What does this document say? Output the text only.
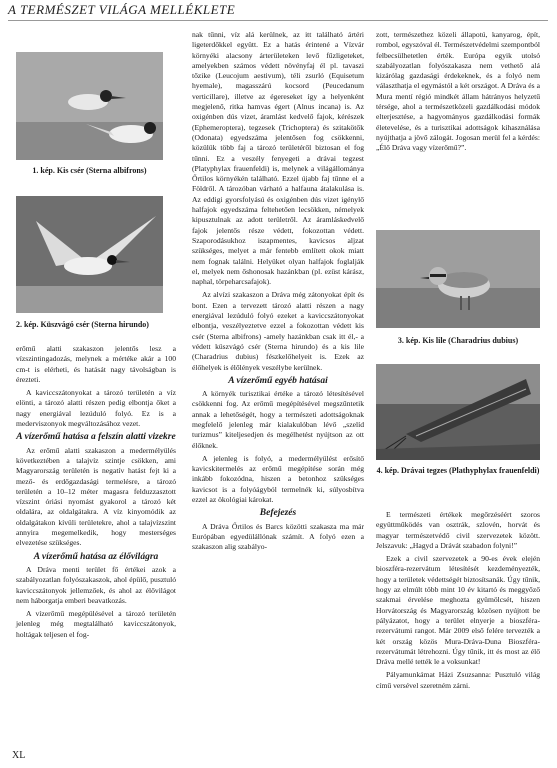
A TERMÉSZET VILÁGA MELLÉKLETE
1. kép. Kis csér (Sterna albifrons)
2. kép. Küszvágó csér (Sterna hirundo)
3. kép. Kis lile (Charadrius dubius)
4. kép. Drávai tegzes (Plathyphylax frauenfeldi)

erőmű alatti szakaszon jelentős lesz a vízszintingadozás, melynek a mértéke akár a 100 cm-t is elérheti, és hatását nagy távolságban is érezteti.

A kaviccszátonyokat a tározó területén a víz elönti, a tározó alatti részen pedig elbontja őket a nagy energiával lezúduló folyó. Ez is a mederviszonyok megváltozásához vezet.

A vízerőmű hatása a felszín alatti vizekre

Az erőmű alatti szakaszon a medermélyülés következtében a talajvíz szintje csökken, ami Magyarország területén is negatív hatást fejt ki a mező- és erdőgazdasági termelésre, a tározó területén a 10–12 méter magasra felduzzasztott vízszint óriási nyomást gyakorol a tározó két oldalára, az oldalgátakra. A víz kinyomódik az oldalgátakon kívüli területekre, ahol a talajvízszint annyira megemelkedik, hogy mesterséges elvezetése szükséges.

A vízerőmű hatása az élővilágra

A Dráva menti terület fő értékei azok a szabályozatlan folyószakaszok, ahol épülő, pusztuló kaviccszátonyok jellemzőek, és ahol az élővilágot nem háborgatja emberi beavatkozás.

A vízerőmű megépülésével a tározó területén jelenleg még megtalálható kaviccszátonyok, holtágak teljesen el fog-

nak tűnni, víz alá kerülnek, az itt található ártéri ligeterdőkkel együtt. Ez a hatás érintené a Vízvár környéki alacsony árterületeken levő fűzligeteket, amelyekben számos védett növényfaj él pl. tavaszi tőzike (Leucojum aestivum), téli zsurló (Equisetum hyemale), magasszárú kocsord (Peucedanum verticillare), illetve az égereseket így a helyenként megjelenő, ritka hamvas égert (Alnus incana) is. Az oxigénben dús vizet, áramlást kedvelő fajok, kérészek (Ephemeroptera), tegzesek (Trichoptera) és szitakötők (Odonata) egyedszáma jelentősen fog csökkenni, közülük több faj a tározó területéről biztosan el fog tűnni. Ez a veszély fenyegeti a drávai tegzest (Platyphylax frauenfeldi) is, melynek a világállománya Őrtilos környékén található. Ezzel újabb faj tűnne el a Földről. A tározóban várható a halfauna átalakulása is. Az eddigi gyorsfolyású és oxigénben dús vizet igénylő halfajok egyedszáma feltehetően lecsökken, némelyek kipusztulnak az adott területről. Az áramláskedvelő fajok jelentős része védett, fokozottan védett. Szaporodásukhoz iszapmentes, kavicsos aljzat szükséges, melyet a már fentebb említett okok miatt nem fognak találni. Helyüket olyan halfajok foglalják el, melyek nem őshonosak hazánkban (pl. ezüst kárász, naphal, törpeharcsafajok).

Az alvízi szakaszon a Dráva még zátonyokat épít és bont. Ezen a tervezett tározó alatti részen a nagy energiával lezúduló folyó ezeket a kaviccszátonyokat elbontja, veszélyeztetve ezzel a fokozottan védett kis csér (Sterna albifrons) -amely hazánkban csak itt él,- a védett küszvágó csér (Sterna hirundo) és a kis lile (Charadrius dubius) fészkelőhelyeit is. Ezek az élőhelyek is élőlények veszélybe kerülnek.

A vízerőmű egyéb hatásai

A környék turisztikai értéke a tározó létesítésével csökkenni fog. Az erőmű megépítésével megszűntetik annak a lehetőségét, hogy a természeti adottságoknak megfelelő jelenleg már kialakulóban lévő „szelíd turizmus” kiteljesedjen és megélhetést nyújtson az ott élőknek.

A jelenleg is folyó, a medermélyülést erősítő kavicskitermelés az erőmű megépítése során még inkább fokozódna, hiszen a betonhoz szükséges kavicsot is a folyóágyból termelnék ki, súlyosbítva ezzel az ökológiai károkat.

Befejezés

A Dráva Őrtilos és Barcs közötti szakasza ma már Európában egyedülállónak számít. A folyó ezen a szakaszon alig szabályo-

zott, természethez közeli állapotú, kanyarog, épít, rombol, egyszóval él. Természetvédelmi szempontból felbecsülhetetlen érték. Európa egyik utolsó szabályozatlan folyószakasza nem vethető alá kizárólag gazdasági érdekeknek, és a folyó nem választhatja el egymástól a két országot. A Dráva és a Mura mentí régió mindkét állam hátrányos helyzetű térsége, ahol a természetközeli gazdálkodási módok elterjesztése, a hagyományos gazdálkodási formák életevelése, és a turisztikai adottságok kihasználása nyújthatja a jövő zálogát. Jogosan merül fel a kérdés: „Élő Dráva vagy vízerőmű?”.

E természeti értékek megőrzéséért szoros együttműködés van osztrák, szlovén, horvát és magyar természetvédő civil szervezetek között. Jelszavuk: „Hagyd a Drávát szabadon folyni!”

Ezek a civil szervezetek a 90-es évek elején bioszféra-rezervátum létesítését kezdeményezték, hogy a területek védettségét biztosítsanák. Úgy tűnik, hogy az elmúlt több mint 10 év kitartó és meggyőző szakmai érvelése meghozta gyümölcsét, hiszen Horvátország és Magyarország közösen nyújtott be pályázatot, hogy a terület elnyerje a bioszféra-rezervátumi rangot. Már 2009 első felére tervezték a két ország közös Mura-Dráva-Duna Bioszféra-rezervátumát létrehozni. Úgy tűnik, itt és most az élő Dráva mellé tették le a voksunkat!

Pályamunkámat Házi Zsuzsanna: Pusztuló világ című versével szeretném zárni.

XL
